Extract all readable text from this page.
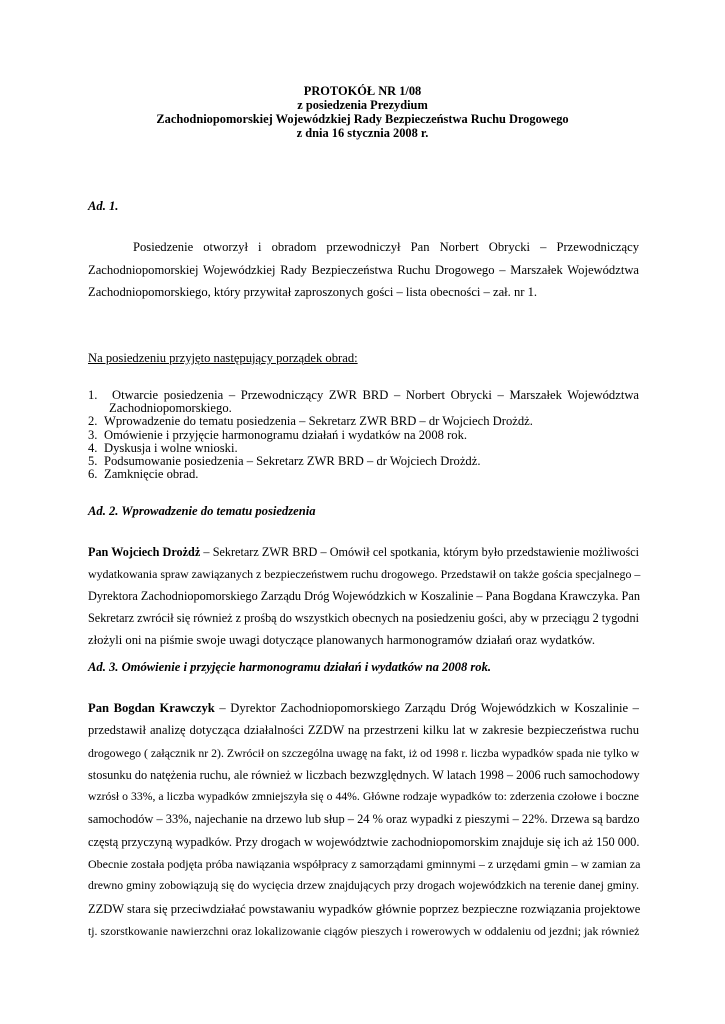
PROTOKÓŁ NR 1/08
z posiedzenia Prezydium
Zachodniopomorskiej Wojewódzkiej Rady Bezpieczeństwa Ruchu Drogowego
z dnia 16 stycznia 2008 r.
Ad. 1.
Posiedzenie otworzył i obradom przewodniczył Pan Norbert Obrycki – Przewodniczący
Zachodniopomorskiej Wojewódzkiej Rady Bezpieczeństwa Ruchu Drogowego – Marszałek Województwa
Zachodniopomorskiego, który przywitał zaproszonych gości – lista obecności – zał. nr 1.
Na posiedzeniu przyjęto następujący porządek obrad:
1. Otwarcie posiedzenia – Przewodniczący ZWR BRD – Norbert Obrycki – Marszałek Województwa
Zachodniopomorskiego.
2. Wprowadzenie do tematu posiedzenia – Sekretarz ZWR BRD – dr Wojciech Drożdż.
3. Omówienie i przyjęcie harmonogramu działań i wydatków na 2008 rok.
4. Dyskusja i wolne wnioski.
5. Podsumowanie posiedzenia – Sekretarz ZWR BRD – dr Wojciech Drożdż.
6. Zamknięcie obrad.
Ad. 2. Wprowadzenie do tematu posiedzenia
Pan Wojciech Drożdż – Sekretarz ZWR BRD – Omówił cel spotkania, którym było przedstawienie możliwości
wydatkowania spraw zawiązanych z bezpieczeństwem ruchu drogowego. Przedstawił on także gościa specjalnego –
Dyrektora Zachodniopomorskiego Zarządu Dróg Wojewódzkich w Koszalinie – Pana Bogdana Krawczyka. Pan
Sekretarz zwrócił się również z prośbą do wszystkich obecnych na posiedzeniu gości, aby w przeciągu 2 tygodni
złożyli oni na piśmie swoje uwagi dotyczące planowanych harmonogramów działań oraz wydatków.
Ad. 3. Omówienie i przyjęcie harmonogramu działań i wydatków na 2008 rok.
Pan Bogdan Krawczyk – Dyrektor Zachodniopomorskiego Zarządu Dróg Wojewódzkich w Koszalinie –
przedstawił analizę dotycząca działalności ZZDW na przestrzeni kilku lat w zakresie bezpieczeństwa ruchu
drogowego ( załącznik nr 2). Zwrócił on szczególna uwagę na fakt, iż od 1998 r. liczba wypadków spada nie tylko w
stosunku do natężenia ruchu, ale również w liczbach bezwzględnych. W latach 1998 – 2006 ruch samochodowy
wzrósł o 33%, a liczba wypadków zmniejszyła się o 44%. Główne rodzaje wypadków to: zderzenia czołowe i boczne
samochodów – 33%, najechanie na drzewo lub słup – 24 % oraz wypadki z pieszymi – 22%. Drzewa są bardzo
częstą przyczyną wypadków. Przy drogach w województwie zachodniopomorskim znajduje się ich aż 150 000.
Obecnie została podjęta próba nawiązania współpracy z samorządami gminnymi – z urzędami gmin – w zamian za
drewno gminy zobowiązują się do wycięcia drzew znajdujących przy drogach wojewódzkich na terenie danej gminy.
ZZDW stara się przeciwdziałać powstawaniu wypadków głównie poprzez bezpieczne rozwiązania projektowe
tj. szorstkowanie nawierzchni oraz lokalizowanie ciągów pieszych i rowerowych w oddaleniu od jezdni; jak również
